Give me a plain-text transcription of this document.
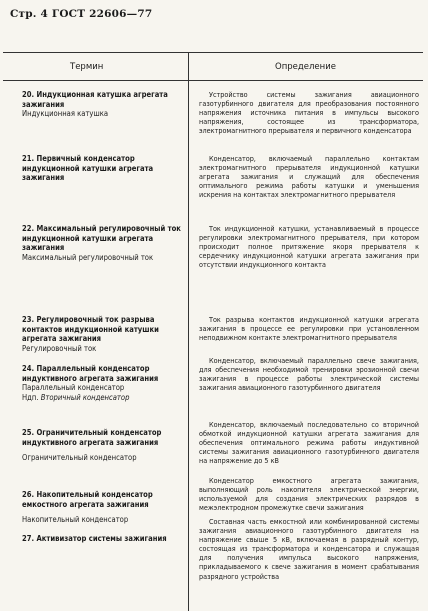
Стр. 4 ГОСТ 22606—77
Термин	Определение
20. Индукционная катушка агрегата зажигания
Индукционная катушка
21. Первичный конденсатор индукционной катушки агрегата зажигания
22. Максимальный регулировочный ток индукционной катушки агрегата зажигания
Максимальный регулировочный ток
23. Регулировочный ток разрыва контактов индукционной катушки агрегата зажигания
Регулировочный ток
24. Параллельный конденсатор индуктивного агрегата зажигания
Параллельный конденсатор
Ндп. Вторичный конденсатор
25. Ограничительный конденсатор индуктивного агрегата зажигания
Ограничительный конденсатор
26. Накопительный конденсатор емкостного агрегата зажигания
Накопительный конденсатор
27. Активизатор системы зажигания
Устройство системы зажигания авиационного газотурбинного двигателя для преобразования постоянного напряжения источника питания в импульсы высокого напряжения, состоящее из трансформатора, электромагнитного прерывателя и первичного конденсатора
Конденсатор, включаемый параллельно контактам электромагнитного прерывателя индукционной катушки агрегата зажигания и служащий для обеспечения оптимального режима работы катушки и уменьшения искрения на контактах электромагнитного прерывателя
Ток индукционной катушки, устанавливаемый в процессе регулировки электромагнитного прерывателя, при котором происходит полное притяжение якоря прерывателя к сердечнику индукционной катушки агрегата зажигания при отсутствии индукционного контакта
Ток разрыва контактов индукционной катушки агрегата зажигания в процессе ее регулировки при установленном неподвижном контакте электромагнитного прерывателя
Конденсатор, включаемый параллельно свече зажигания, для обеспечения необходимой тренировки эрозионной свечи зажигания в процессе работы электрической системы зажигания авиационного газотурбинного двигателя
Конденсатор, включаемый последовательно со вторичной обмоткой индукционной катушки агрегата зажигания для обеспечения оптимального режима работы индуктивной системы зажигания авиационного газотурбинного двигателя на напряжение до 5 кВ
Конденсатор емкостного агрегата зажигания, выполняющий роль накопителя электрической энергии, используемой для создания электрических разрядов в межэлектродном промежутке свечи зажигания
Составная часть емкостной или комбинированной системы зажигания авиационного газотурбинного двигателя на напряжение свыше 5 кВ, включаемая в разрядный контур, состоящая из трансформатора и конденсатора и служащая для получения импульса высокого напряжения, прикладываемого к свече зажигания в момент срабатывания разрядного устройства
